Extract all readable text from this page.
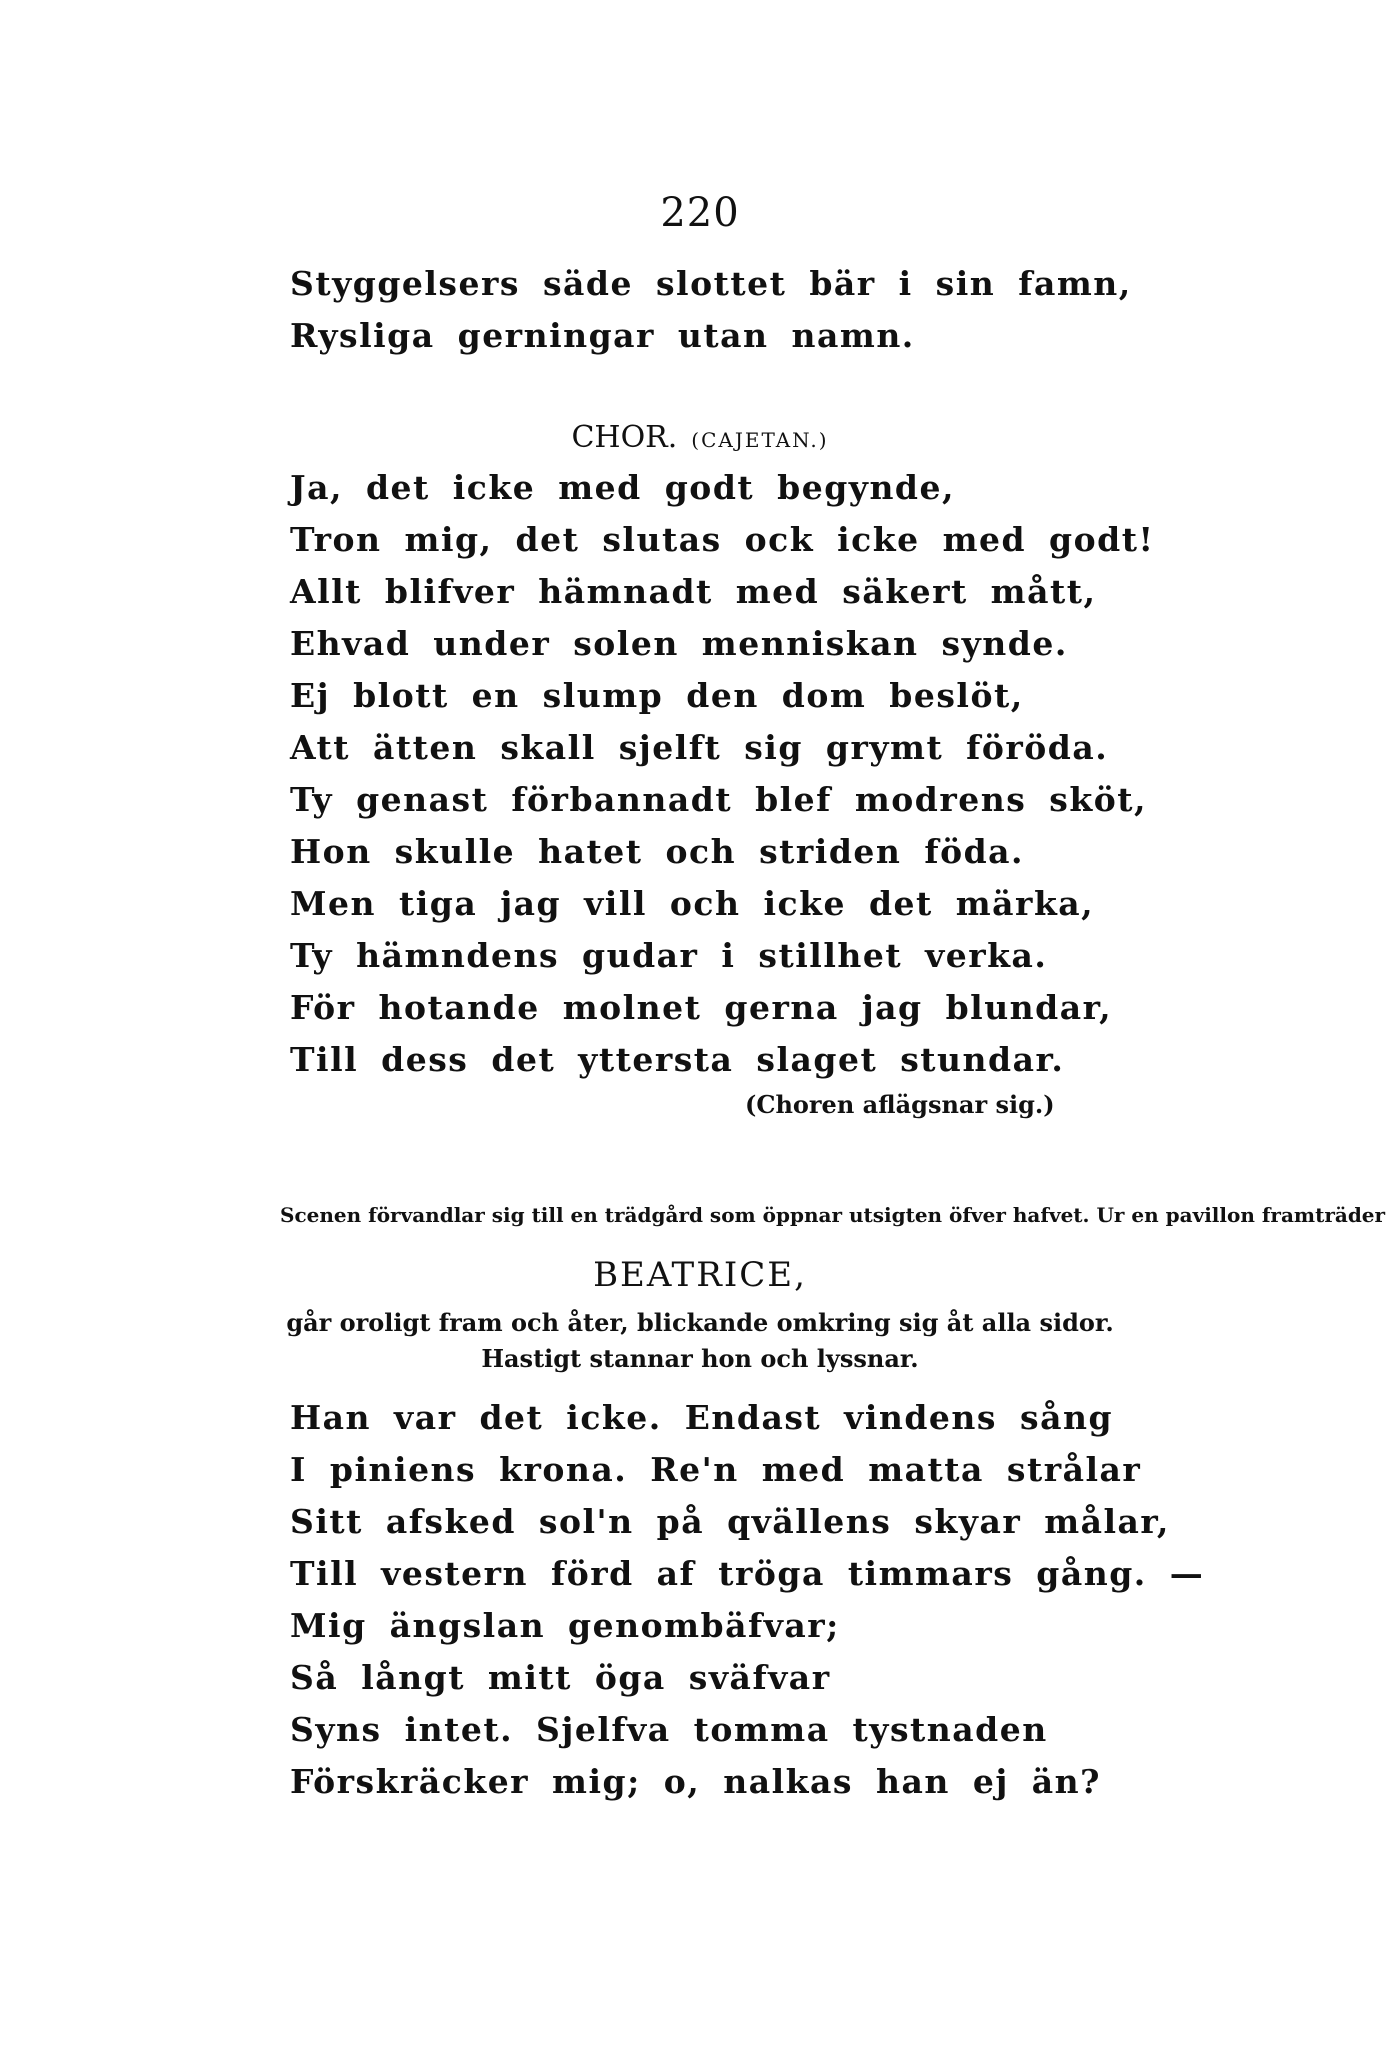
220
Styggelsers säde slottet bär i sin famn,
Rysliga gerningar utan namn.
CHOR. (CAJETAN.)
Ja, det icke med godt begynde,
Tron mig, det slutas ock icke med godt!
Allt blifver hämnadt med säkert mått,
Ehvad under solen menniskan synde.
Ej blott en slump den dom beslöt,
Att ätten skall sjelft sig grymt föröda.
Ty genast förbannadt blef modrens sköt,
Hon skulle hatet och striden föda.
Men tiga jag vill och icke det märka,
Ty hämndens gudar i stillhet verka.
För hotande molnet gerna jag blundar,
Till dess det yttersta slaget stundar.
(Choren aflägsnar sig.)
Scenen förvandlar sig till en trädgård som öppnar utsigten öfver hafvet. Ur en pavillon framträder
BEATRICE,
går oroligt fram och åter, blickande omkring sig åt alla sidor.
Hastigt stannar hon och lyssnar.
Han var det icke. Endast vindens sång
I piniens krona. Re'n med matta strålar
Sitt afsked sol'n på qvällens skyar målar,
Till vestern förd af tröga timmars gång. —
Mig ängslan genombäfvar;
Så långt mitt öga sväfvar
Syns intet. Sjelfva tomma tystnaden
Förskräcker mig; o, nalkas han ej än?
